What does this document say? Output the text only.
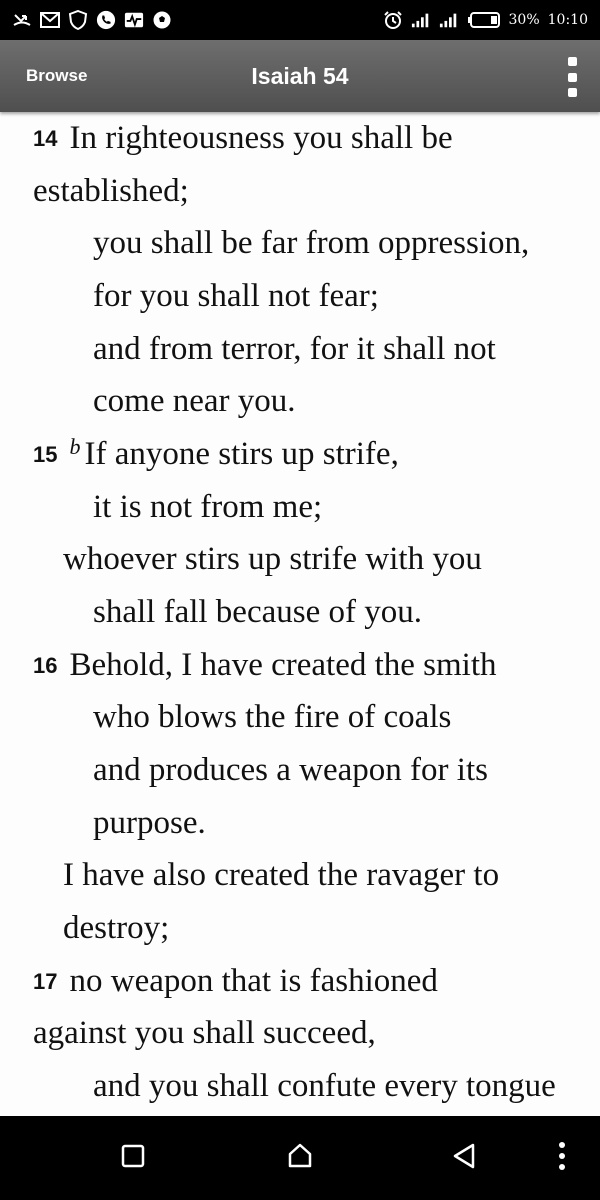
30% 10:10
Browse	Isaiah 54
14 In righteousness you shall be
established;
you shall be far from oppression,
for you shall not fear;
and from terror, for it shall not
come near you.
15 $^b$ If anyone stirs up strife,
it is not from me;
whoever stirs up strife with you
shall fall because of you.
16 Behold, I have created the smith
who blows the fire of coals
and produces a weapon for its
purpose.
I have also created the ravager to
destroy;
17 no weapon that is fashioned
against you shall succeed,
and you shall confute every tongue
